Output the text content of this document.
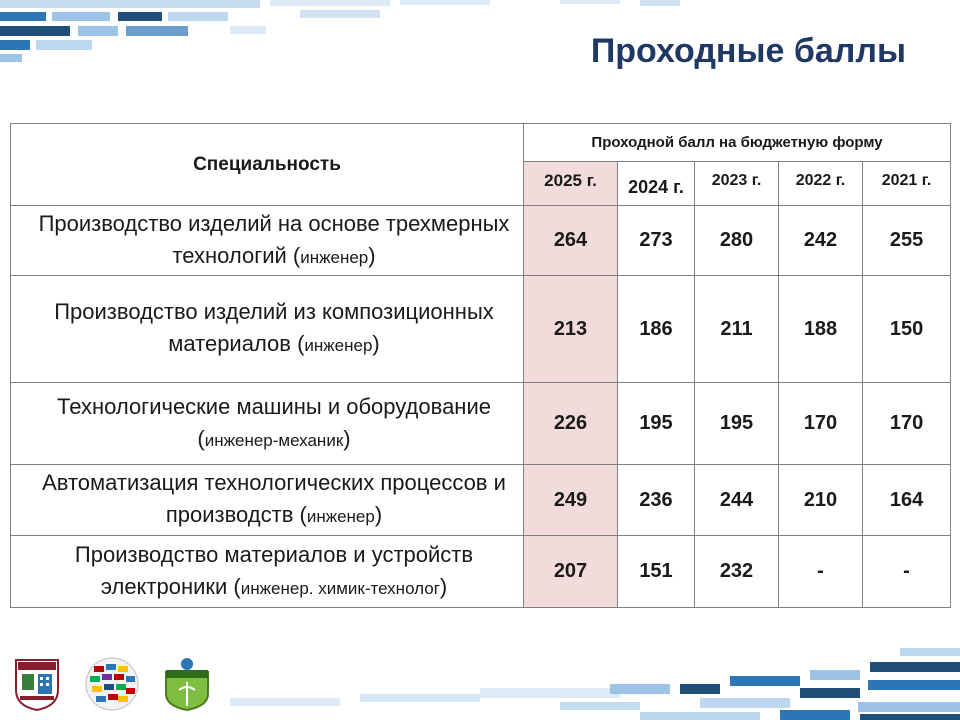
Проходные баллы
Специальность	Проходной балл на бюджетную форму				
	2025 г.	2024 г.	2023 г.	2022 г.	2021 г.
Производство изделий на основе трехмерных технологий (инженер)	264	273	280	242	255
Производство изделий из композиционных материалов (инженер)	213	186	211	188	150
Технологические машины и оборудование (инженер-механик)	226	195	195	170	170
Автоматизация технологических процессов и производств (инженер)	249	236	244	210	164
Производство материалов и устройств электроники (инженер. химик-технолог)	207	151	232	-	-
